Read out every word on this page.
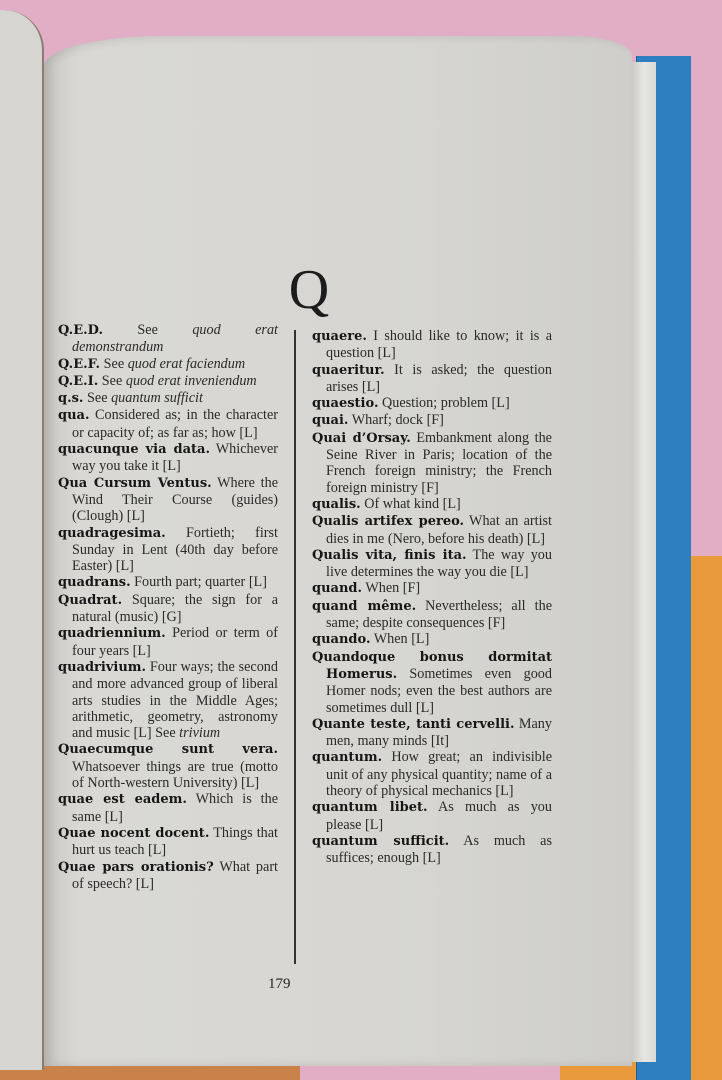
Q
Q.E.D. See quod erat demonstrandum
Q.E.F. See quod erat faciendum
Q.E.I. See quod erat inveniendum
q.s. See quantum sufficit
qua. Considered as; in the character or capacity of; as far as; how [L]
quacunque via data. Whichever way you take it [L]
Qua Cursum Ventus. Where the Wind Their Course (guides) (Clough) [L]
quadragesima. Fortieth; first Sunday in Lent (40th day before Easter) [L]
quadrans. Fourth part; quarter [L]
Quadrat. Square; the sign for a natural (music) [G]
quadriennium. Period or term of four years [L]
quadrivium. Four ways; the second and more advanced group of liberal arts studies in the Middle Ages; arithmetic, geometry, astronomy and music [L] See trivium
Quaecumque sunt vera. Whatsoever things are true (motto of North-western University) [L]
quae est eadem. Which is the same [L]
Quae nocent docent. Things that hurt us teach [L]
Quae pars orationis? What part of speech? [L]
quaere. I should like to know; it is a question [L]
quaeritur. It is asked; the question arises [L]
quaestio. Question; problem [L]
quai. Wharf; dock [F]
Quai d’Orsay. Embankment along the Seine River in Paris; location of the French foreign ministry; the French foreign ministry [F]
qualis. Of what kind [L]
Qualis artifex pereo. What an artist dies in me (Nero, before his death) [L]
Qualis vita, finis ita. The way you live determines the way you die [L]
quand. When [F]
quand même. Nevertheless; all the same; despite consequences [F]
quando. When [L]
Quandoque bonus dormitat Homerus. Sometimes even good Homer nods; even the best authors are sometimes dull [L]
Quante teste, tanti cervelli. Many men, many minds [It]
quantum. How great; an indivisible unit of any physical quantity; name of a theory of physical mechanics [L]
quantum libet. As much as you please [L]
quantum sufficit. As much as suffices; enough [L]
179
